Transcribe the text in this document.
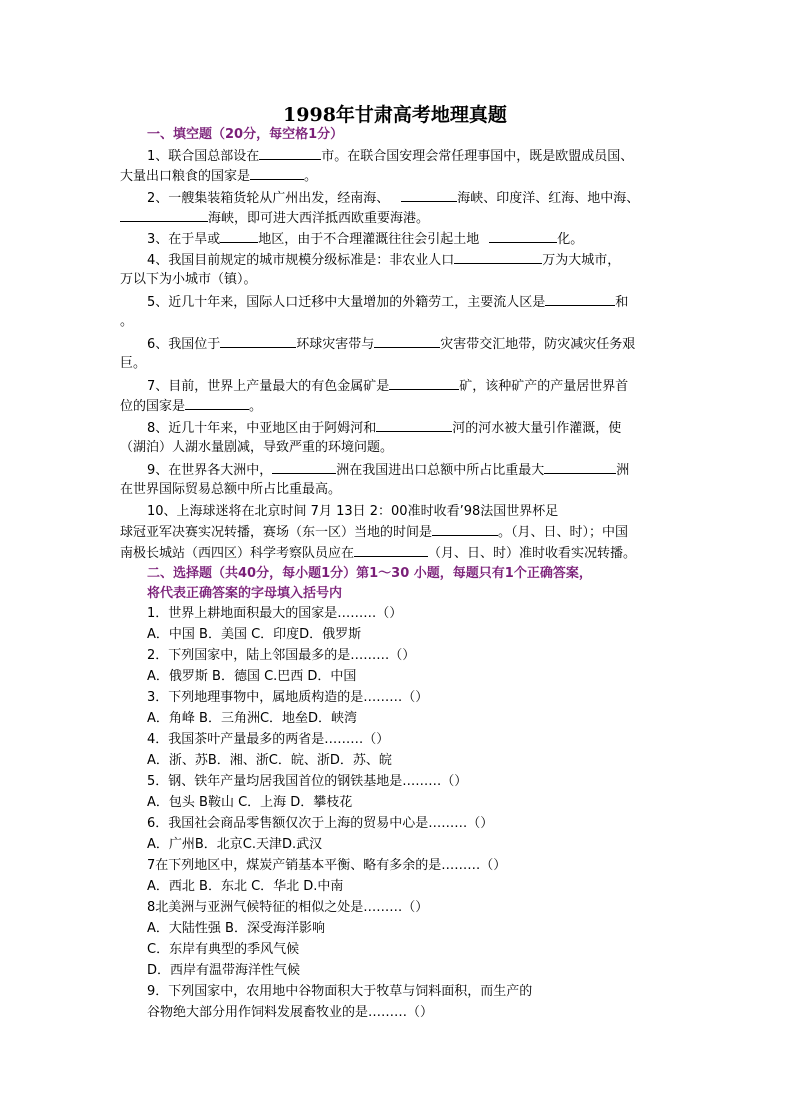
1998年甘肃高考地理真题
一、填空题（20分，每空格1分）
1、联合国总部设在	市。在联合国安理会常任理事国中，既是欧盟成员国、
大量出口粮食的国家是	。
2、一艘集装箱货轮从广州出发，经南海、	海峡、印度洋、红海、地中海、
海峡，即可进大西洋抵西欧重要海港。
3、在于旱或	地区，由于不合理灌溉往往会引起土地	化。
4、我国目前规定的城市规模分级标准是：非农业人口	万为大城市，
万以下为小城市（镇）。
5、近几十年来，国际人口迁移中大量增加的外籍劳工，主要流人区是	和
。
6、我国位于	环球灾害带与	灾害带交汇地带，防灾减灾任务艰
巨。
7、目前，世界上产量最大的有色金属矿是	矿，该种矿产的产量居世界首
位的国家是	。
8、近几十年来，中亚地区由于阿姆河和	河的河水被大量引作灌溉，使
（湖泊）人湖水量剧减，导致严重的环境问题。
9、在世界各大洲中，	洲在我国进出口总额中所占比重最大	洲
在世界国际贸易总额中所占比重最高。
10、上海球迷将在北京时间 7月 13日 2：00准时收看’98法国世界杯足
球冠亚军决赛实况转播，赛场（东一区）当地的时间是	。（月、日、时）；中国
南极长城站（西四区）科学考察队员应在	（月、日、时）准时收看实况转播。
二、选择题（共40分，每小题1分）第1～30 小题，每题只有1个正确答案，
将代表正确答案的字母填入括号内
1．世界上耕地面积最大的国家是………（）
A．中国 B．美国 C．印度D．俄罗斯
2．下列国家中，陆上邻国最多的是………（）
A．俄罗斯 B．德国 C.巴西 D．中国
3．下列地理事物中，属地质构造的是………（）
A．角峰 B．三角洲C．地垒D．峡湾
4．我国茶叶产量最多的两省是………（）
A．浙、苏B．湘、浙C．皖、浙D．苏、皖
5．钢、铁年产量均居我国首位的钢铁基地是………（）
A．包头 B鞍山 C．上海 D．攀枝花
6．我国社会商品零售额仅次于上海的贸易中心是………（）
A．广州B．北京C.天津D.武汉
7在下列地区中，煤炭产销基本平衡、略有多余的是………（）
A．西北 B．东北 C．华北 D.中南
8北美洲与亚洲气候特征的相似之处是………（）
A．大陆性强 B．深受海洋影响
C．东岸有典型的季风气候
D．西岸有温带海洋性气候
9．下列国家中，农用地中谷物面积大于牧草与饲料面积，而生产的
谷物绝大部分用作饲料发展畜牧业的是………（）
